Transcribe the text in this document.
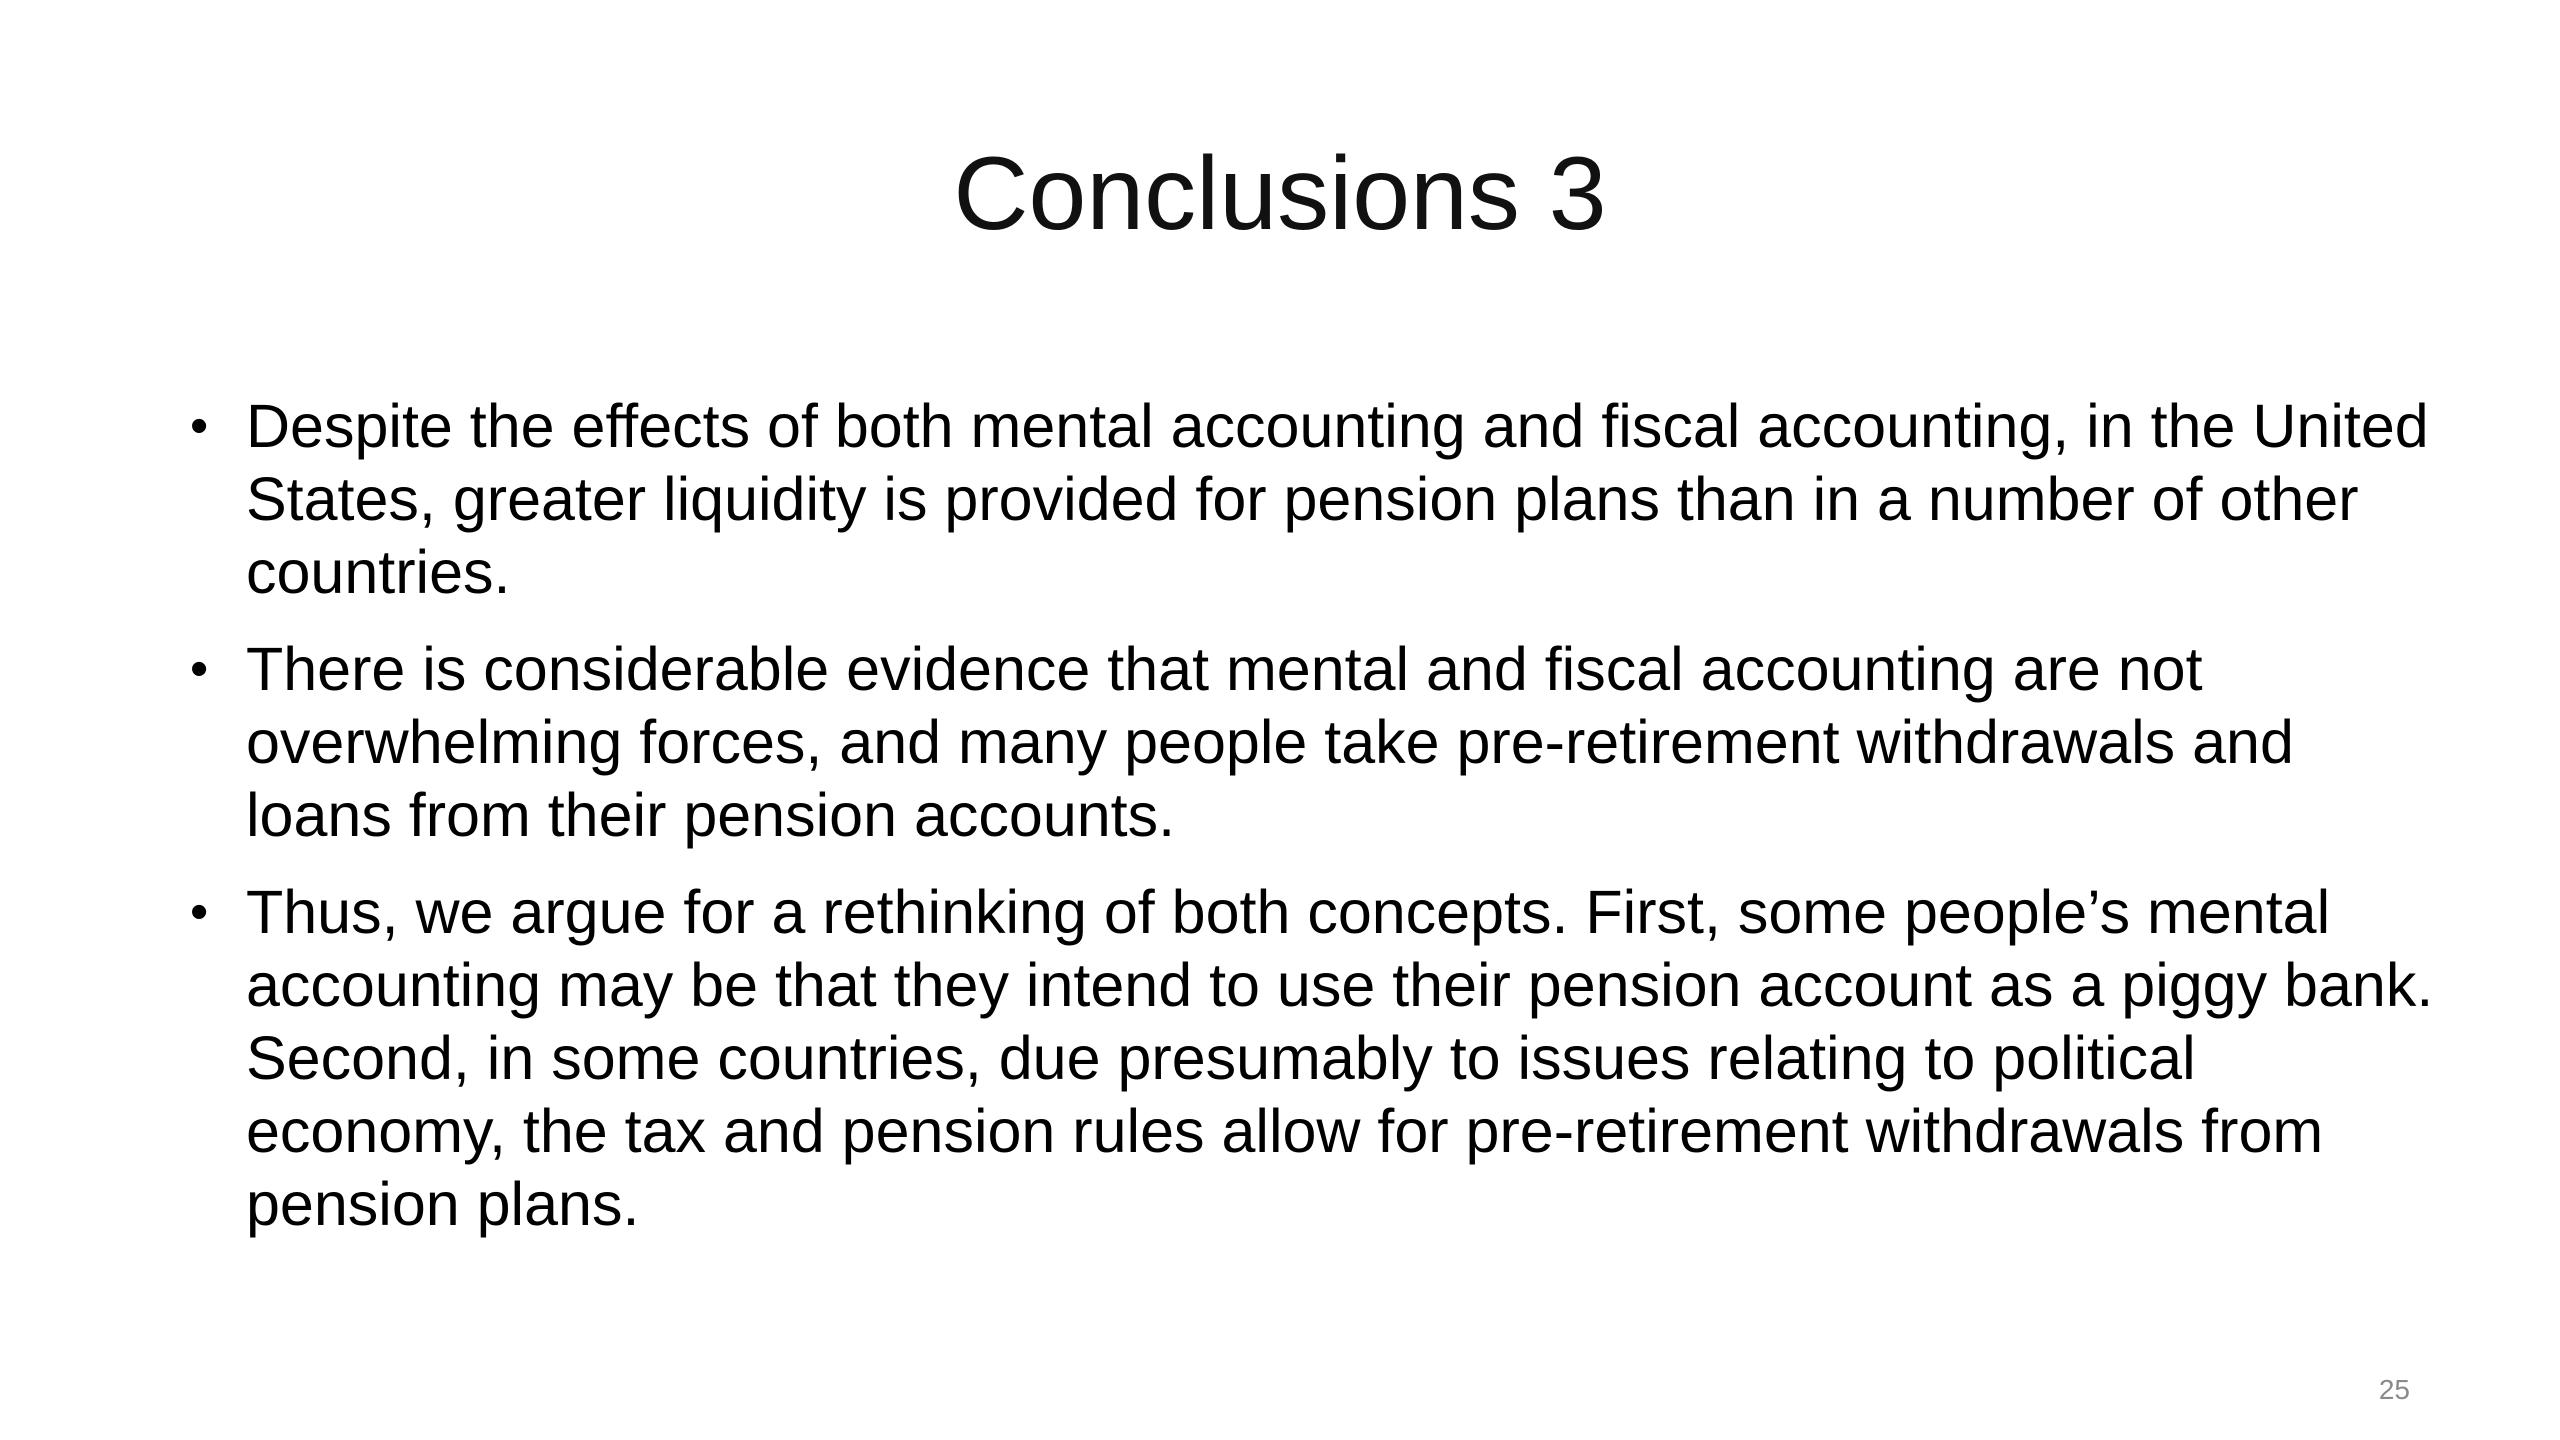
Conclusions 3
• Despite the effects of both mental accounting and fiscal accounting, in the United States, greater liquidity is provided for pension plans than in a number of other countries.
• There is considerable evidence that mental and fiscal accounting are not overwhelming forces, and many people take pre-retirement withdrawals and loans from their pension accounts.
• Thus, we argue for a rethinking of both concepts. First, some people’s mental accounting may be that they intend to use their pension account as a piggy bank. Second, in some countries, due presumably to issues relating to political economy, the tax and pension rules allow for pre-retirement withdrawals from pension plans.
25
